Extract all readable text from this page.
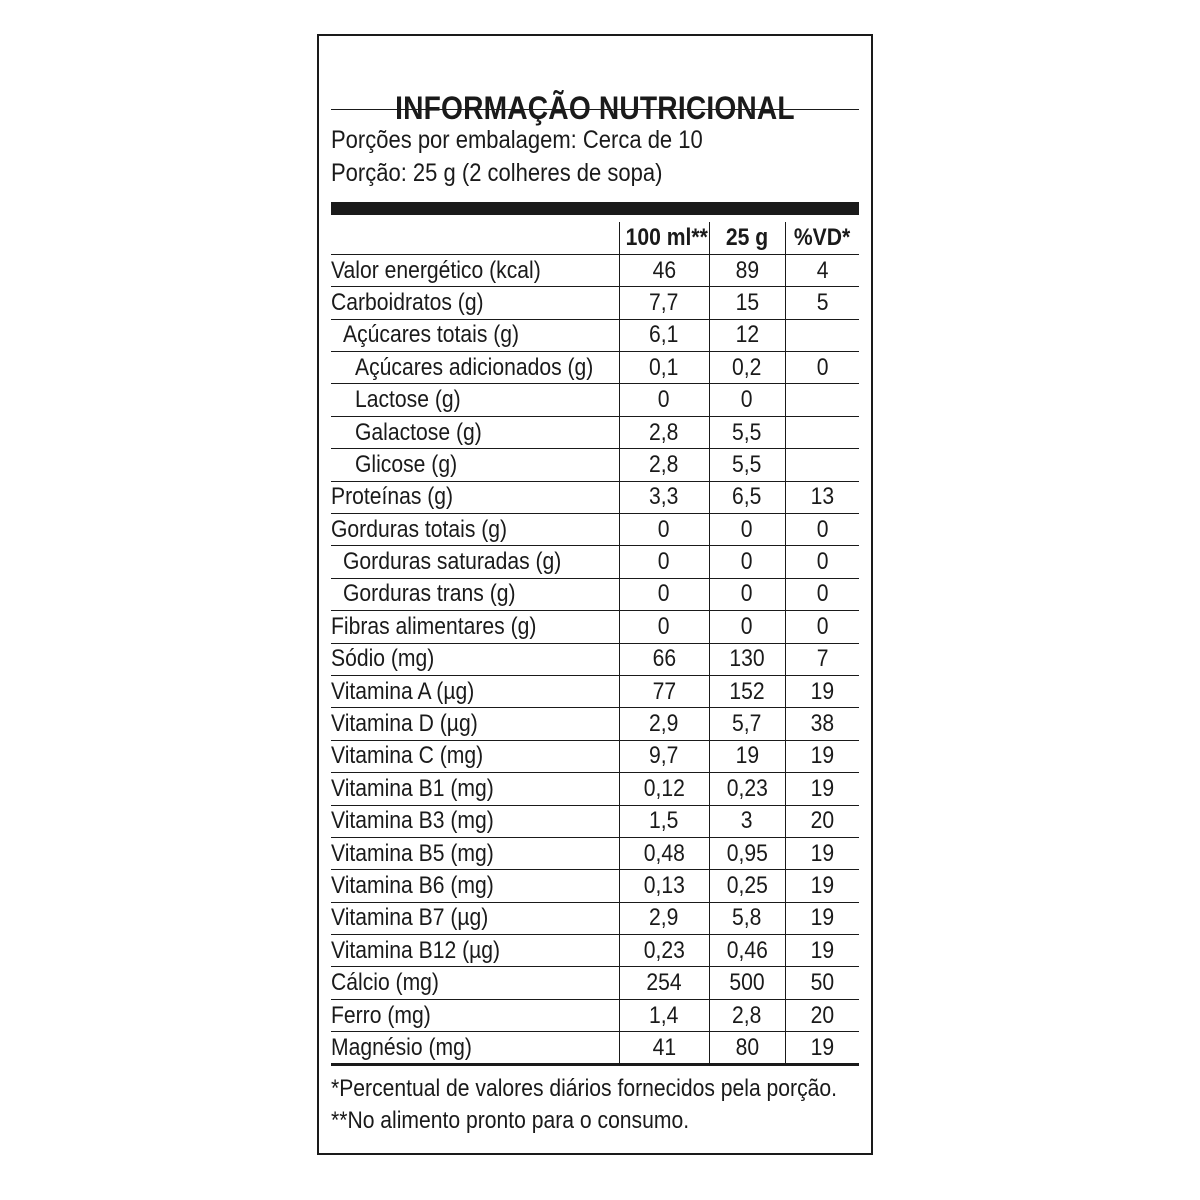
INFORMAÇÃO NUTRICIONAL
Porções por embalagem: Cerca de 10
Porção: 25 g (2 colheres de sopa)
	100 ml**	25 g	%VD*
Valor energético (kcal)	46	89	4
Carboidratos (g)	7,7	15	5
Açúcares totais (g)	6,1	12	
Açúcares adicionados (g)	0,1	0,2	0
Lactose (g)	0	0	
Galactose (g)	2,8	5,5	
Glicose (g)	2,8	5,5	
Proteínas (g)	3,3	6,5	13
Gorduras totais (g)	0	0	0
Gorduras saturadas (g)	0	0	0
Gorduras trans (g)	0	0	0
Fibras alimentares (g)	0	0	0
Sódio (mg)	66	130	7
Vitamina A (µg)	77	152	19
Vitamina D (µg)	2,9	5,7	38
Vitamina C (mg)	9,7	19	19
Vitamina B1 (mg)	0,12	0,23	19
Vitamina B3 (mg)	1,5	3	20
Vitamina B5 (mg)	0,48	0,95	19
Vitamina B6 (mg)	0,13	0,25	19
Vitamina B7 (µg)	2,9	5,8	19
Vitamina B12 (µg)	0,23	0,46	19
Cálcio (mg)	254	500	50
Ferro (mg)	1,4	2,8	20
Magnésio (mg)	41	80	19
*Percentual de valores diários fornecidos pela porção.
**No alimento pronto para o consumo.
